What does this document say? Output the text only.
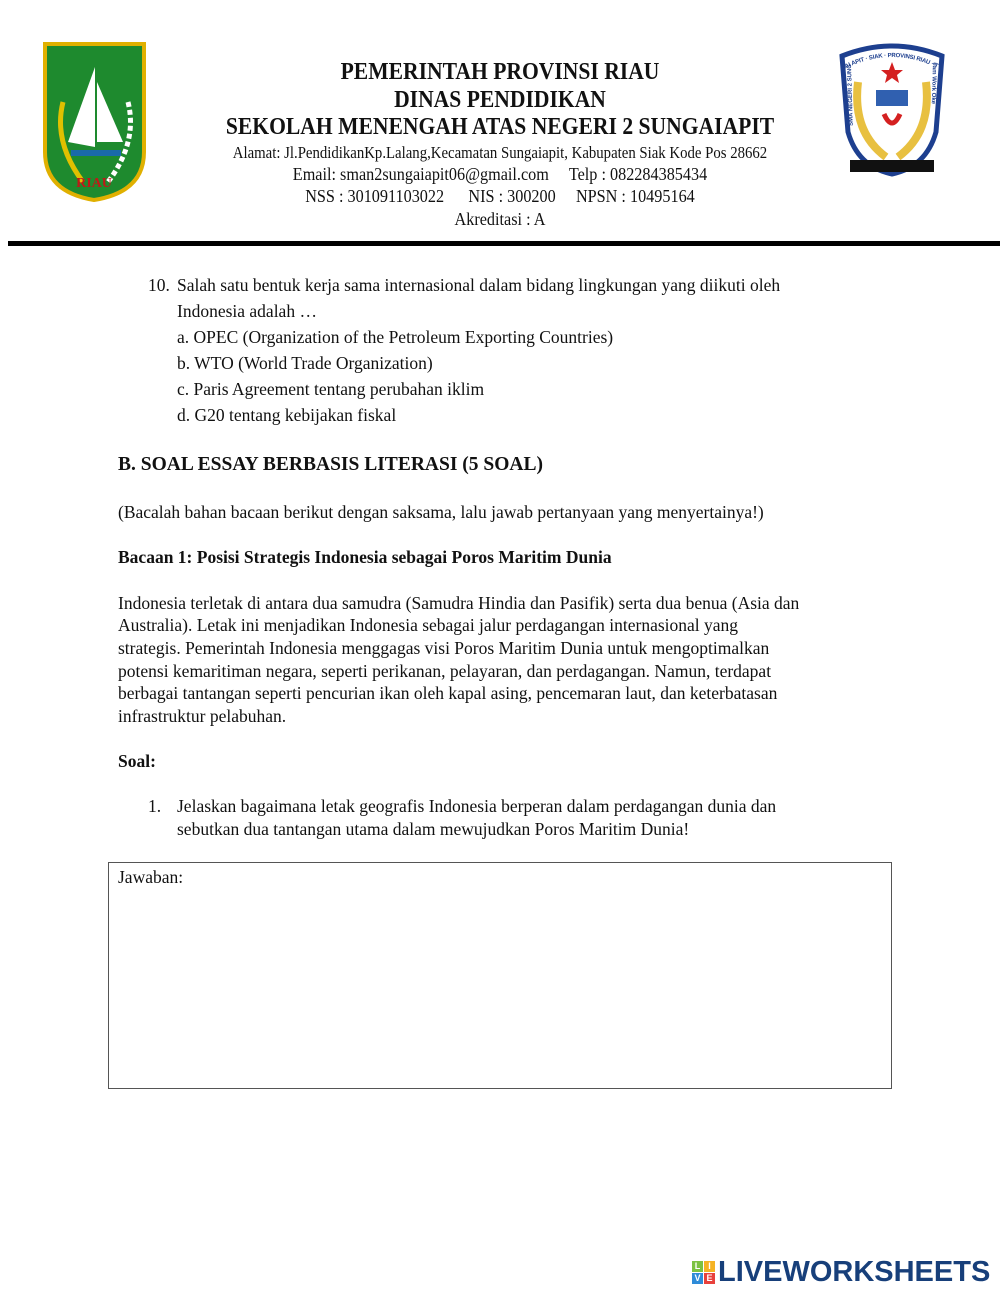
RIAU
SMA NEGERI 2 SUNGAI APIT · SIAK · PROVINSI RIAU · Team Work Oke
PEMERINTAH PROVINSI RIAU
DINAS PENDIDIKAN
SEKOLAH MENENGAH ATAS NEGERI 2 SUNGAIAPIT
Alamat: Jl.PendidikanKp.Lalang,Kecamatan Sungaiapit, Kabupaten Siak Kode Pos 28662
Email: sman2sungaiapit06@gmail.com     Telp : 082284385434
NSS : 301091103022      NIS : 300200     NPSN : 10495164
Akreditasi : A
10. Salah satu bentuk kerja sama internasional dalam bidang lingkungan yang diikuti oleh
Indonesia adalah …
a. OPEC (Organization of the Petroleum Exporting Countries)
b. WTO (World Trade Organization)
c. Paris Agreement tentang perubahan iklim
d. G20 tentang kebijakan fiskal
B. SOAL ESSAY BERBASIS LITERASI (5 SOAL)
(Bacalah bahan bacaan berikut dengan saksama, lalu jawab pertanyaan yang menyertainya!)
Bacaan 1: Posisi Strategis Indonesia sebagai Poros Maritim Dunia
Indonesia terletak di antara dua samudra (Samudra Hindia dan Pasifik) serta dua benua (Asia dan
Australia). Letak ini menjadikan Indonesia sebagai jalur perdagangan internasional yang
strategis. Pemerintah Indonesia menggagas visi Poros Maritim Dunia untuk mengoptimalkan
potensi kemaritiman negara, seperti perikanan, pelayaran, dan perdagangan. Namun, terdapat
berbagai tantangan seperti pencurian ikan oleh kapal asing, pencemaran laut, dan keterbatasan
infrastruktur pelabuhan.
Soal:
1. Jelaskan bagaimana letak geografis Indonesia berperan dalam perdagangan dunia dan
sebutkan dua tantangan utama dalam mewujudkan Poros Maritim Dunia!
Jawaban:
L I
V E LIVEWORKSHEETS
